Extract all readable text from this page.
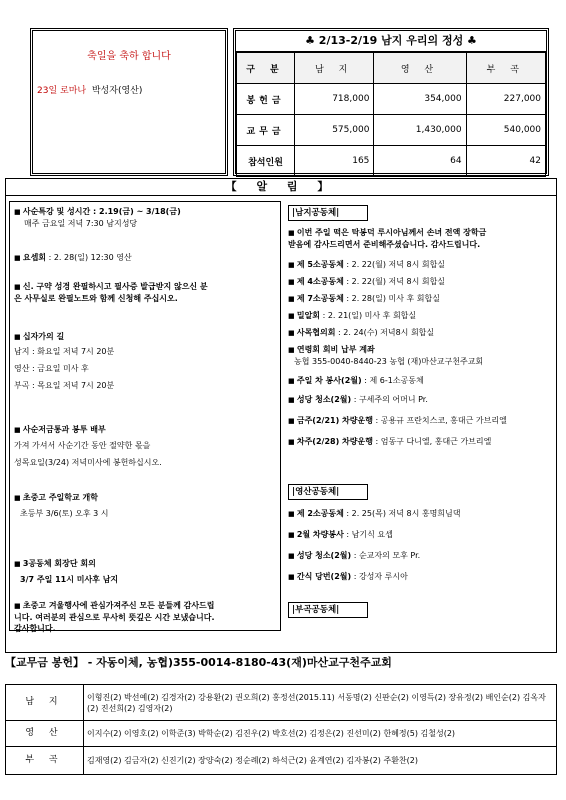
축일을 축하 합니다
23일 로마나 박성자(영산)
♣ 2/13-2/19 남지 우리의 정성 ♣
구 분	남 지	영 산	부 곡
봉헌금	718,000	354,000	227,000
교무금	575,000	1,430,000	540,000
참석인원	165	64	42
【 알 림 】
■ 사순특강 및 성시간 : 2.19(금) ~ 3/18(금)
매주 금요일 저녁 7:30 남지성당
■ 요셉회 : 2. 28(일) 12:30 영산
■ 신. 구약 성경 완필하시고 필사증 발급받지 않으신 분
은 사무실로 완필노트와 함께 신청해 주십시오.
■ 십자가의 길
남지 : 화요일 저녁 7시 20분
영산 : 금요일 미사 후
부곡 : 목요일 저녁 7시 20분
■ 사순저금통과 봉투 배부
가져 가셔서 사순기간 동안 절약한 몫을
성목요일(3/24) 저녁미사에 봉헌하십시오.
■ 초중고 주일학교 개학
초등부 3/6(토) 오후 3 시
■ 3공동체 회장단 회의
3/7 주일 11시 미사후 남지
■ 초중고 겨울행사에 관심가져주신 모든 분들께 감사드립
니다. 여러분의 관심으로 무사히 뜻깊은 시간 보냈습니다.
감사합니다.
|남지공동체|
■ 이번 주일 떡은 탁봉덕 루시아님께서 손녀 전액 장학금
받음에 감사드리면서 준비해주셨습니다. 감사드립니다.
■ 제 5소공동체 : 2. 22(월) 저녁 8시 회합실
■ 제 4소공동체 : 2. 22(월) 저녁 8시 회합실
■ 제 7소공동체 : 2. 28(일) 미사 후 회합실
■ 밀알회 : 2. 21(일) 미사 후 회합실
■ 사목협의회 : 2. 24(수) 저녁8시 회합실
■ 연령회 회비 납부 계좌
농협 355-0040-8440-23 농협 (재)마산교구천주교회
■ 주일 차 봉사(2월) : 제 6-1소공동체
■ 성당 청소(2월) : 구세주의 어머니 Pr.
■ 금주(2/21) 차량운행 : 공용규 프란치스코, 홍대근 가브리엘
■ 차주(2/28) 차량운행 : 엄동구 다니엘, 홍대근 가브리엘
|영산공동체|
■ 제 2소공동체 : 2. 25(목) 저녁 8시 홍명희님댁
■ 2월 차량봉사 : 남기식 요셉
■ 성당 청소(2월) : 순교자의 모후 Pr.
■ 간식 당번(2월) : 강성자 루시아
|부곡공동체|
【교무금 봉헌】 - 자동이체, 농협)355-0014-8180-43(재)마산교구천주교회
남 지	이형진(2) 박선예(2) 김경자(2) 강용환(2) 권오희(2) 홍정선(2015.11) 서동명(2) 신판순(2) 이영득(2) 장유정(2) 배인순(2) 김옥자(2) 진선희(2) 김영자(2)
영 산	이지수(2) 이영호(2) 이학준(3) 박학순(2) 김진우(2) 박호선(2) 김정은(2) 진선미(2) 한혜정(5) 김철성(2)
부 곡	김재영(2) 김금자(2) 신진기(2) 장양숙(2) 정순례(2) 하석근(2) 윤계연(2) 김자봉(2) 주환찬(2)
